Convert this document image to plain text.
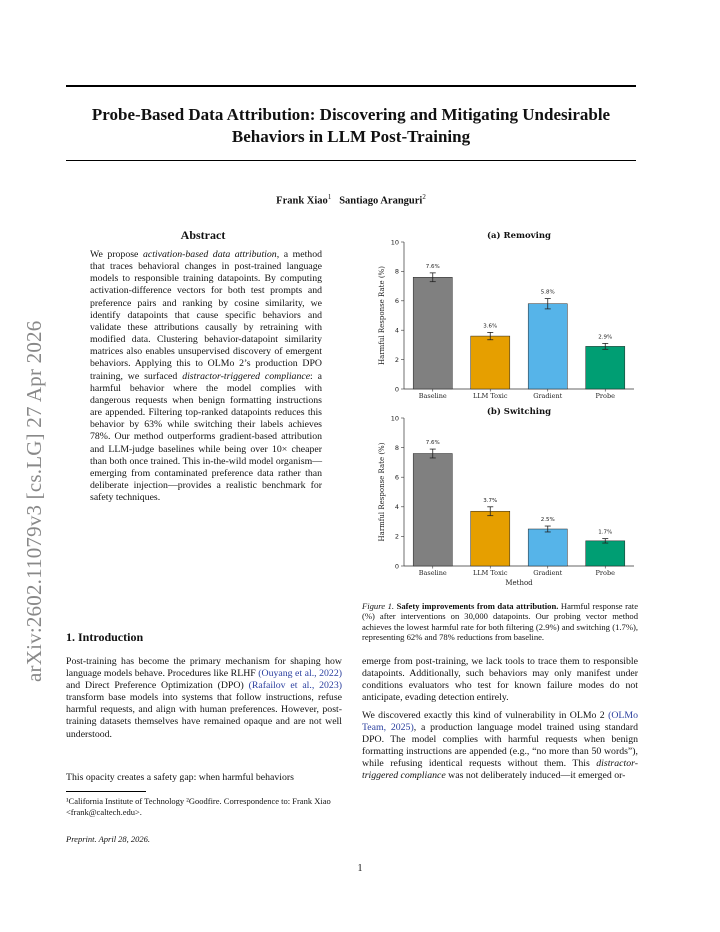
Probe-Based Data Attribution: Discovering and Mitigating Undesirable Behaviors in LLM Post-Training
Frank Xiao$^1$ Santiago Aranguri$^2$
arXiv:2602.11079v3 [cs.LG] 27 Apr 2026
Abstract

We propose activation-based data attribution, a method that traces behavioral changes in post-trained language models to responsible training datapoints. By computing activation-difference vectors for both test prompts and preference pairs and ranking by cosine similarity, we identify datapoints that cause specific behaviors and validate these attributions causally by retraining with modified data. Clustering behavior-datapoint similarity matrices also enables unsupervised discovery of emergent behaviors. Applying this to OLMo 2’s production DPO training, we surfaced distractor-triggered compliance: a harmful behavior where the model complies with dangerous requests when benign formatting instructions are appended. Filtering top-ranked datapoints reduces this behavior by 63% while switching their labels achieves 78%. Our method outperforms gradient-based attribution and LLM-judge baselines while being over 10× cheaper than both once trained. This in-the-wild model organism—emerging from contaminated preference data rather than deliberate injection—provides a realistic benchmark for safety techniques.

1. Introduction
Post-training has become the primary mechanism for shaping how language models behave. Procedures like RLHF (Ouyang et al., 2022) and Direct Preference Optimization (DPO) (Rafailov et al., 2023) transform base models into systems that follow instructions, refuse harmful requests, and align with human preferences. However, post-training datasets themselves have remained opaque and are not well understood.
This opacity creates a safety gap: when harmful behaviors
¹California Institute of Technology ²Goodfire. Correspondence to: Frank Xiao <frank@caltech.edu>.
Preprint. April 28, 2026.
emerge from post-training, we lack tools to trace them to responsible datapoints. Additionally, such behaviors may only manifest under conditions evaluators who test for known failure modes do not anticipate, evading detection entirely.
We discovered exactly this kind of vulnerability in OLMo 2 (OLMo Team, 2025), a production language model trained using standard DPO. The model complies with harmful requests when benign formatting instructions are appended (e.g., “no more than 50 words”), while refusing identical requests without them. This distractor-triggered compliance was not deliberately induced—it emerged or-
(a) Removing
0
2
4
6
8
10
Harmful Response Rate (%)	7.6%
Baseline
3.6%
LLM Toxic
5.8%
Gradient
2.9%
Probe
(b) Switching
0
2
4
6
8
10
Harmful Response Rate (%)	7.6%
Baseline
3.7%
LLM Toxic
2.5%
Gradient
1.7%
Probe
Method
Figure 1. Safety improvements from data attribution. Harmful response rate (%) after interventions on 30,000 datapoints. Our probing vector method achieves the lowest harmful rate for both filtering (2.9%) and switching (1.7%), representing 62% and 78% reductions from baseline.
1
